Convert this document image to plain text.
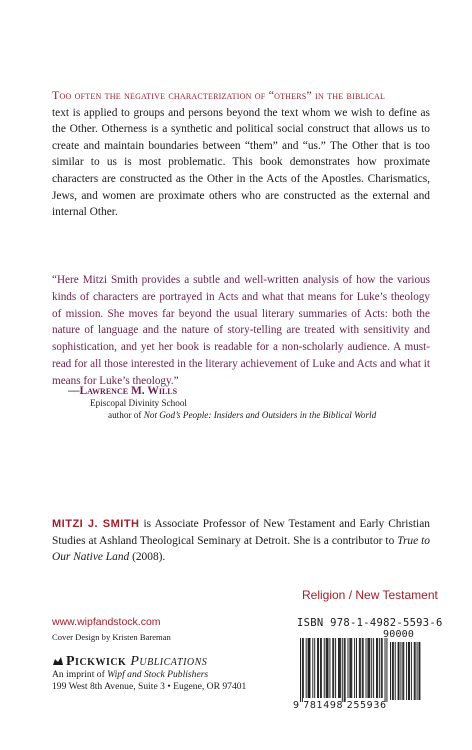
Too often the negative characterization of “others” in the biblical
text is applied to groups and persons beyond the text whom we wish to define as the Other. Otherness is a synthetic and political social construct that allows us to create and maintain boundaries between “them” and “us.” The Other that is too similar to us is most problematic. This book demonstrates how proximate characters are constructed as the Other in the Acts of the Apostles. Charismatics, Jews, and women are proximate others who are constructed as the external and internal Other.

“Here Mitzi Smith provides a subtle and well-written analysis of how the various kinds of characters are portrayed in Acts and what that means for Luke’s theology of mission. She moves far beyond the usual literary summaries of Acts: both the nature of language and the nature of story-telling are treated with sensitivity and sophistication, and yet her book is readable for a non-scholarly audience. A must-read for all those interested in the literary achievement of Luke and Acts and what it means for Luke’s theology.”

—Lawrence M. Wills
Episcopal Divinity School
author of Not God’s People: Insiders and Outsiders in the Biblical World

MITZI J. SMITH is Associate Professor of New Testament and Early Christian Studies at Ashland Theological Seminary at Detroit. She is a contributor to True to Our Native Land (2008).

Religion / New Testament
www.wipfandstock.com
Cover Design by Kristen Bareman
Pickwick Publications
An imprint of Wipf and Stock Publishers
199 West 8th Avenue, Suite 3 • Eugene, OR 97401
ISBN 978-1-4982-5593-6
90000
9 781498 255936
